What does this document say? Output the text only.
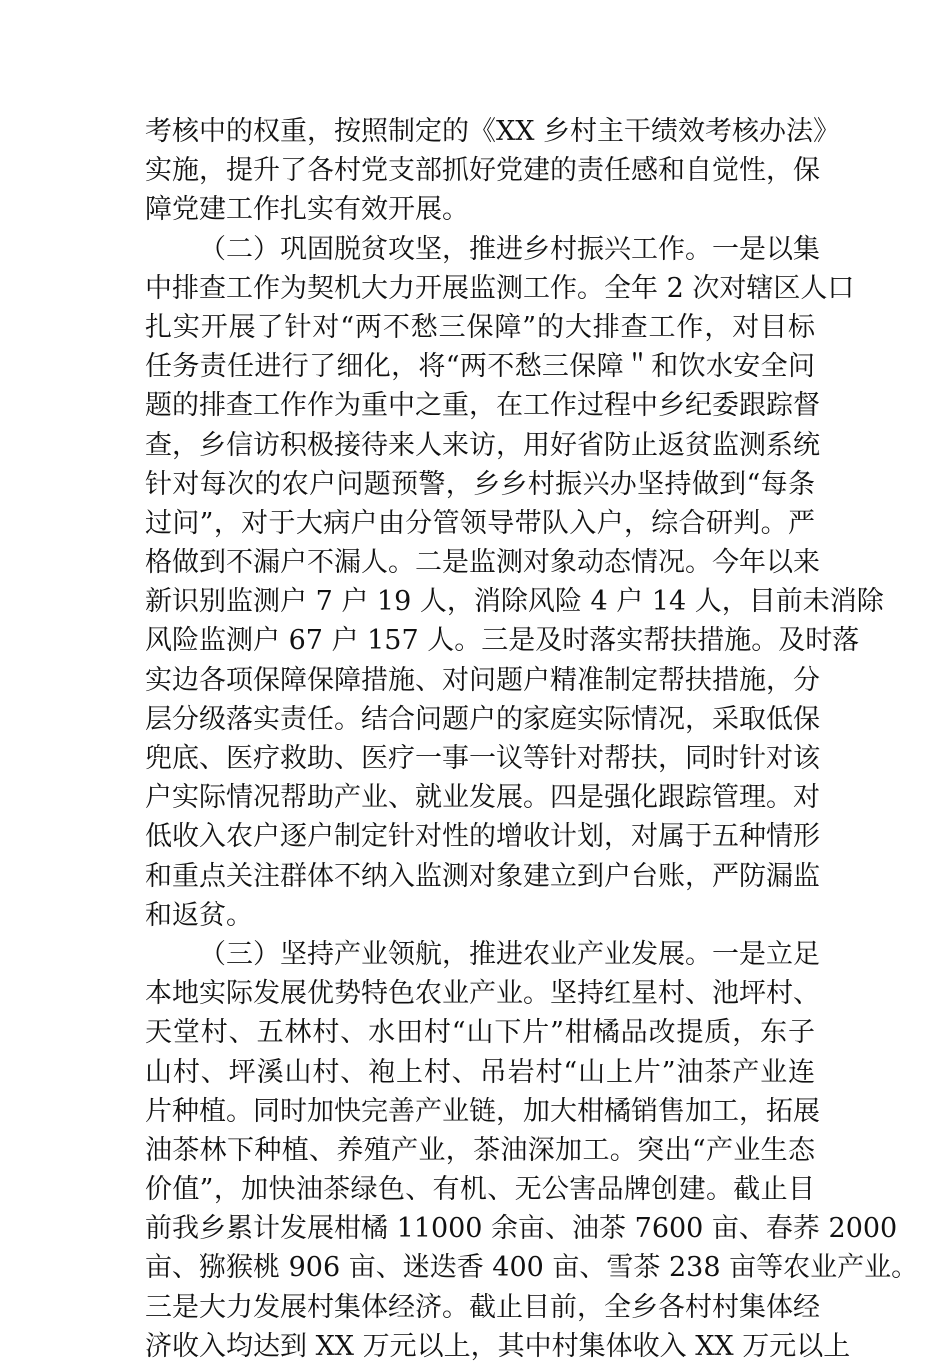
考核中的权重，按照制定的《XX 乡村主干绩效考核办法》
实施，提升了各村党支部抓好党建的责任感和自觉性，保
障党建工作扎实有效开展。
（二）巩固脱贫攻坚，推进乡村振兴工作。一是以集
中排查工作为契机大力开展监测工作。全年 2 次对辖区人口
扎实开展了针对“两不愁三保障”的大排查工作，对目标
任务责任进行了细化，将“两不愁三保障＂和饮水安全问
题的排查工作作为重中之重，在工作过程中乡纪委跟踪督
查，乡信访积极接待来人来访，用好省防止返贫监测系统
针对每次的农户问题预警，乡乡村振兴办坚持做到“每条
过问”，对于大病户由分管领导带队入户，综合研判。严
格做到不漏户不漏人。二是监测对象动态情况。今年以来
新识别监测户 7 户 19 人，消除风险 4 户 14 人，目前未消除
风险监测户 67 户 157 人。三是及时落实帮扶措施。及时落
实边各项保障保障措施、对问题户精准制定帮扶措施，分
层分级落实责任。结合问题户的家庭实际情况，采取低保
兜底、医疗救助、医疗一事一议等针对帮扶，同时针对该
户实际情况帮助产业、就业发展。四是强化跟踪管理。对
低收入农户逐户制定针对性的增收计划，对属于五种情形
和重点关注群体不纳入监测对象建立到户台账，严防漏监
和返贫。
（三）坚持产业领航，推进农业产业发展。一是立足
本地实际发展优势特色农业产业。坚持红星村、池坪村、
天堂村、五林村、水田村“山下片”柑橘品改提质，东子
山村、坪溪山村、袍上村、吊岩村“山上片”油茶产业连
片种植。同时加快完善产业链，加大柑橘销售加工，拓展
油茶林下种植、养殖产业，茶油深加工。突出“产业生态
价值”，加快油茶绿色、有机、无公害品牌创建。截止目
前我乡累计发展柑橘 11000 余亩、油茶 7600 亩、春荞 2000
亩、猕猴桃 906 亩、迷迭香 400 亩、雪茶 238 亩等农业产业。
三是大力发展村集体经济。截止目前，全乡各村村集体经
济收入均达到 XX 万元以上，其中村集体收入 XX 万元以上
